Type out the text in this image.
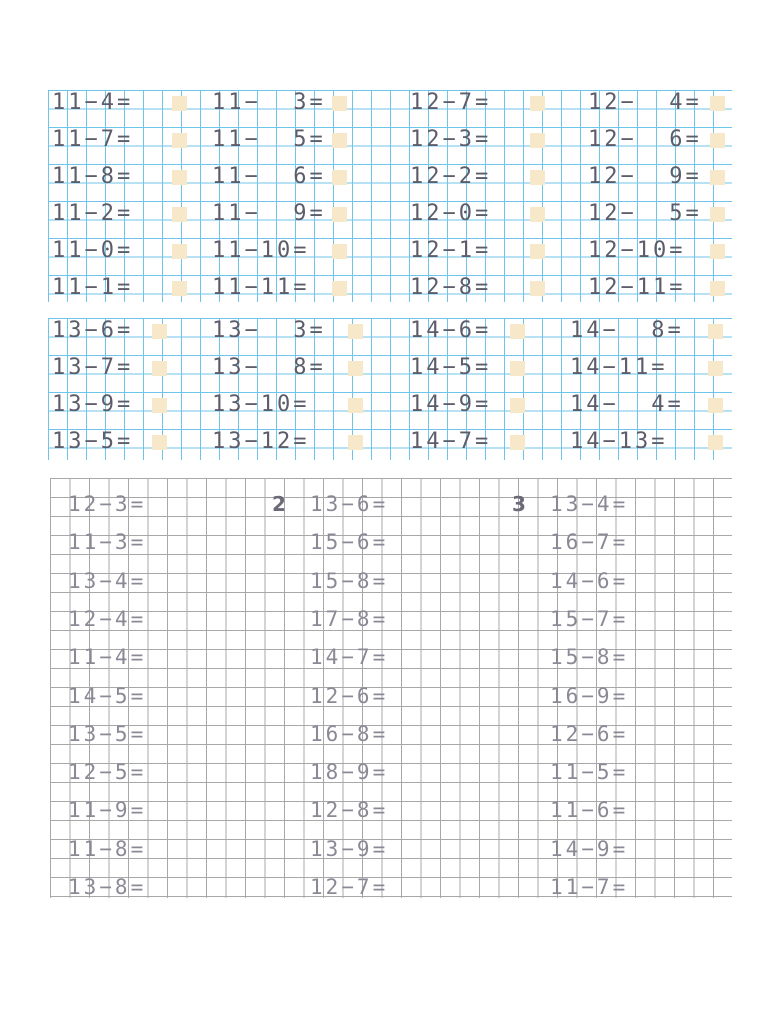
11−4=
11−7=
11−8=
11−2=
11−0=
11−1=
11−  3=
11−  5=
11−  6=
11−  9=
11−10=
11−11=
12−7=
12−3=
12−2=
12−0=
12−1=
12−8=
12−  4=
12−  6=
12−  9=
12−  5=
12−10=
12−11=
13−6=
13−7=
13−9=
13−5=
13−  3=
13−  8=
13−10=
13−12=
14−6=
14−5=
14−9=
14−7=
14−  8=
14−11=
14−  4=
14−13=
12−3=
11−3=
13−4=
12−4=
11−4=
14−5=
13−5=
12−5=
11−9=
11−8=
13−8=
13−6=
15−6=
15−8=
17−8=
14−7=
12−6=
16−8=
18−9=
12−8=
13−9=
12−7=
13−4=
16−7=
14−6=
15−7=
15−8=
16−9=
12−6=
11−5=
11−6=
14−9=
11−7=
2	3
